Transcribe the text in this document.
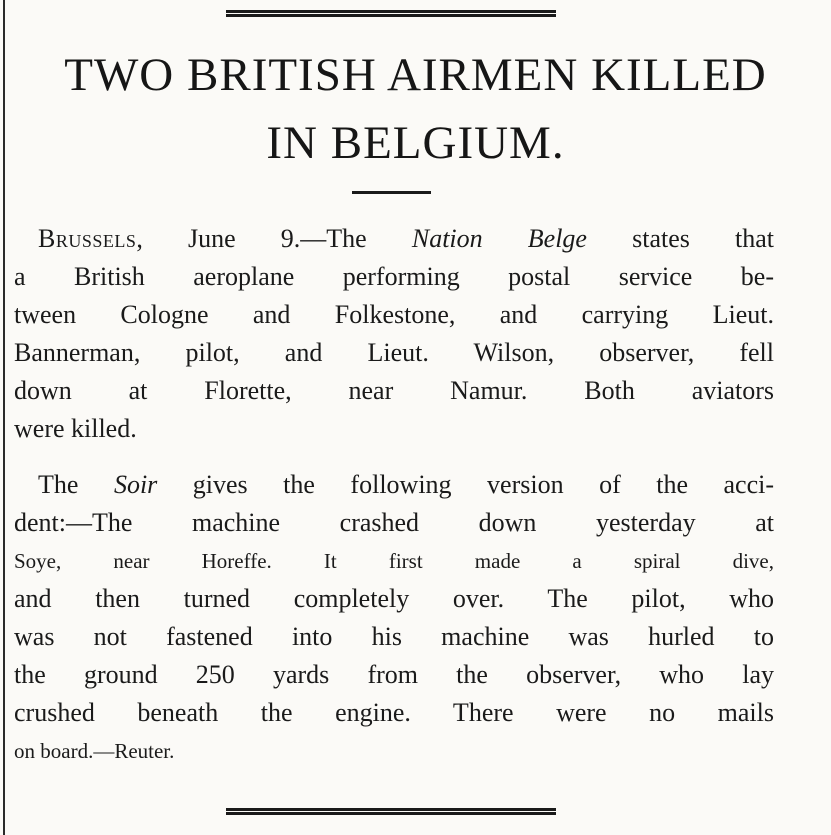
TWO BRITISH AIRMEN KILLED
IN BELGIUM.
Brussels, June 9.—The Nation Belge states that
a British aeroplane performing postal service be-
tween Cologne and Folkestone, and carrying Lieut.
Bannerman, pilot, and Lieut. Wilson, observer, fell
down at Florette, near Namur. Both aviators
were killed.
The Soir gives the following version of the acci-
dent:—The machine crashed down yesterday at
Soye, near Horeffe. It first made a spiral dive,
and then turned completely over. The pilot, who
was not fastened into his machine was hurled to
the ground 250 yards from the observer, who lay
crushed beneath the engine. There were no mails
on board.—Reuter.
